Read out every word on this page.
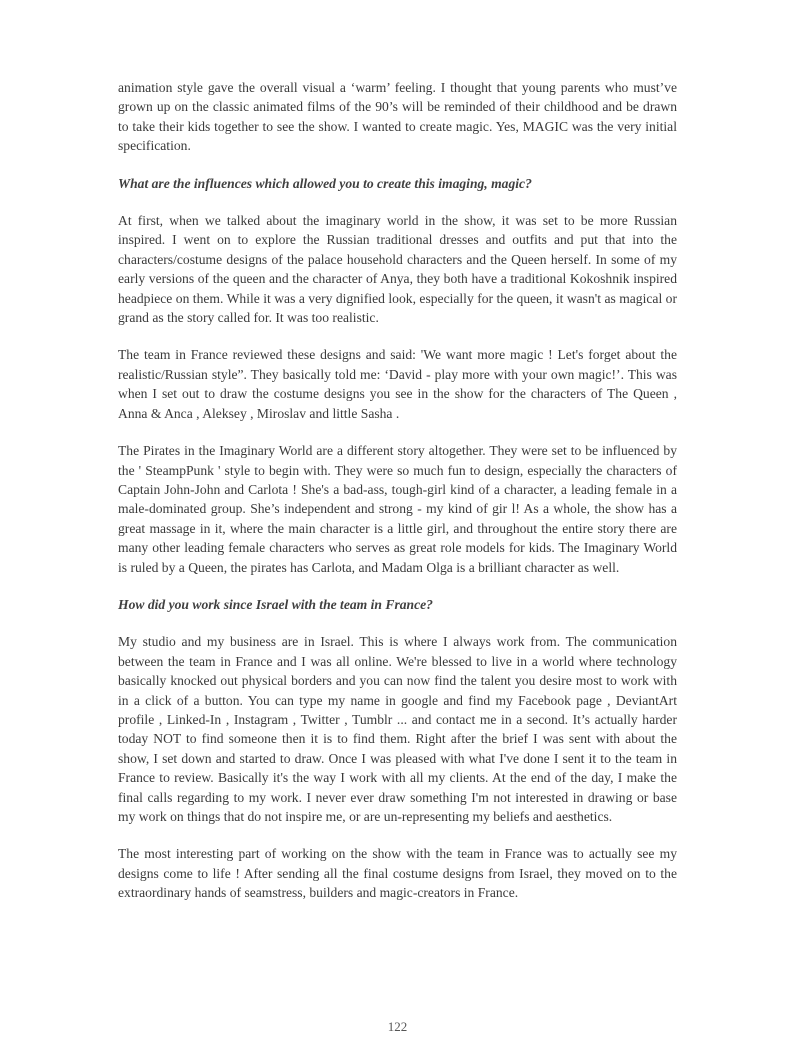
animation style gave the overall visual a ‘warm’ feeling. I thought that young parents who must’ve grown up on the classic animated films of the 90’s will be reminded of their childhood and be drawn to take their kids together to see the show. I wanted to create magic. Yes, MAGIC was the very initial specification.

What are the influences which allowed you to create this imaging, magic?

At first, when we talked about the imaginary world in the show, it was set to be more Russian inspired. I went on to explore the Russian traditional dresses and outfits and put that into the characters/costume designs of the palace household characters and the Queen herself. In some of my early versions of the queen and the character of Anya, they both have a traditional Kokoshnik inspired headpiece on them. While it was a very dignified look, especially for the queen, it wasn't as magical or grand as the story called for. It was too realistic.

The team in France reviewed these designs and said: 'We want more magic ! Let's forget about the realistic/Russian style”. They basically told me: ‘David - play more with your own magic!’. This was when I set out to draw the costume designs you see in the show for the characters of The Queen , Anna & Anca , Aleksey , Miroslav and little Sasha .

The Pirates in the Imaginary World are a different story altogether. They were set to be influenced by the ' SteampPunk ' style to begin with. They were so much fun to design, especially the characters of Captain John-John and Carlota ! She's a bad-ass, tough-girl kind of a character, a leading female in a male-dominated group. She’s independent and strong - my kind of gir l! As a whole, the show has a great massage in it, where the main character is a little girl, and throughout the entire story there are many other leading female characters who serves as great role models for kids. The Imaginary World is ruled by a Queen, the pirates has Carlota, and Madam Olga is a brilliant character as well.

How did you work since Israel with the team in France?

My studio and my business are in Israel. This is where I always work from. The communication between the team in France and I was all online. We're blessed to live in a world where technology basically knocked out physical borders and you can now find the talent you desire most to work with in a click of a button. You can type my name in google and find my Facebook page , DeviantArt profile , Linked-In , Instagram , Twitter , Tumblr ... and contact me in a second. It’s actually harder today NOT to find someone then it is to find them. Right after the brief I was sent with about the show, I set down and started to draw. Once I was pleased with what I've done I sent it to the team in France to review. Basically it's the way I work with all my clients. At the end of the day, I make the final calls regarding to my work. I never ever draw something I'm not interested in drawing or base my work on things that do not inspire me, or are un-representing my beliefs and aesthetics.

The most interesting part of working on the show with the team in France was to actually see my designs come to life ! After sending all the final costume designs from Israel, they moved on to the extraordinary hands of seamstress, builders and magic-creators in France.

122
